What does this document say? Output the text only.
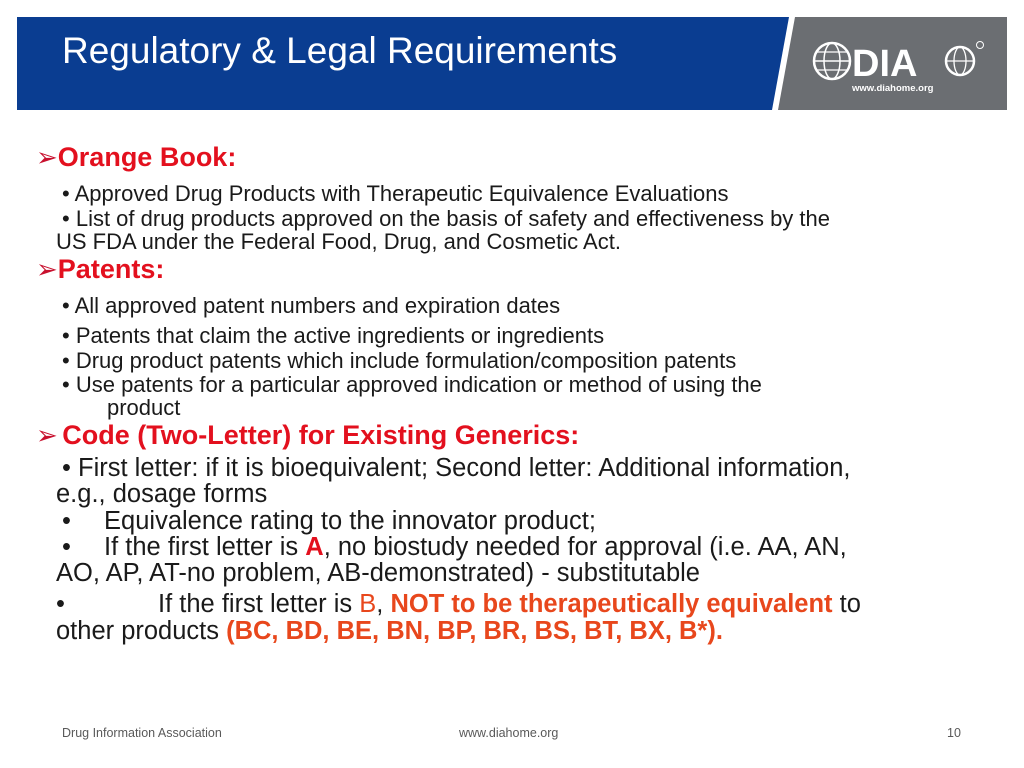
Regulatory & Legal Requirements	DIA
www.diahome.org
➢Orange Book:
• Approved Drug Products with Therapeutic Equivalence Evaluations
• List of drug products approved on the basis of safety and effectiveness by the
US FDA under the Federal Food, Drug, and Cosmetic Act.
➢Patents:
• All approved patent numbers and expiration dates
• Patents that claim the active ingredients or ingredients
• Drug product patents which include formulation/composition patents
• Use patents for a particular approved indication or method of using the
product
➢ Code (Two-Letter) for Existing Generics:
• First letter: if it is bioequivalent; Second letter: Additional information,
e.g., dosage forms
• Equivalence rating to the innovator product;
• If the first letter is A, no biostudy needed for approval (i.e. AA, AN,
AO, AP, AT-no problem, AB-demonstrated) - substitutable
•	If the first letter is B, NOT to be therapeutically equivalent to
other products (BC, BD, BE, BN, BP, BR, BS, BT, BX, B*).
Drug Information Association	www.diahome.org	10
